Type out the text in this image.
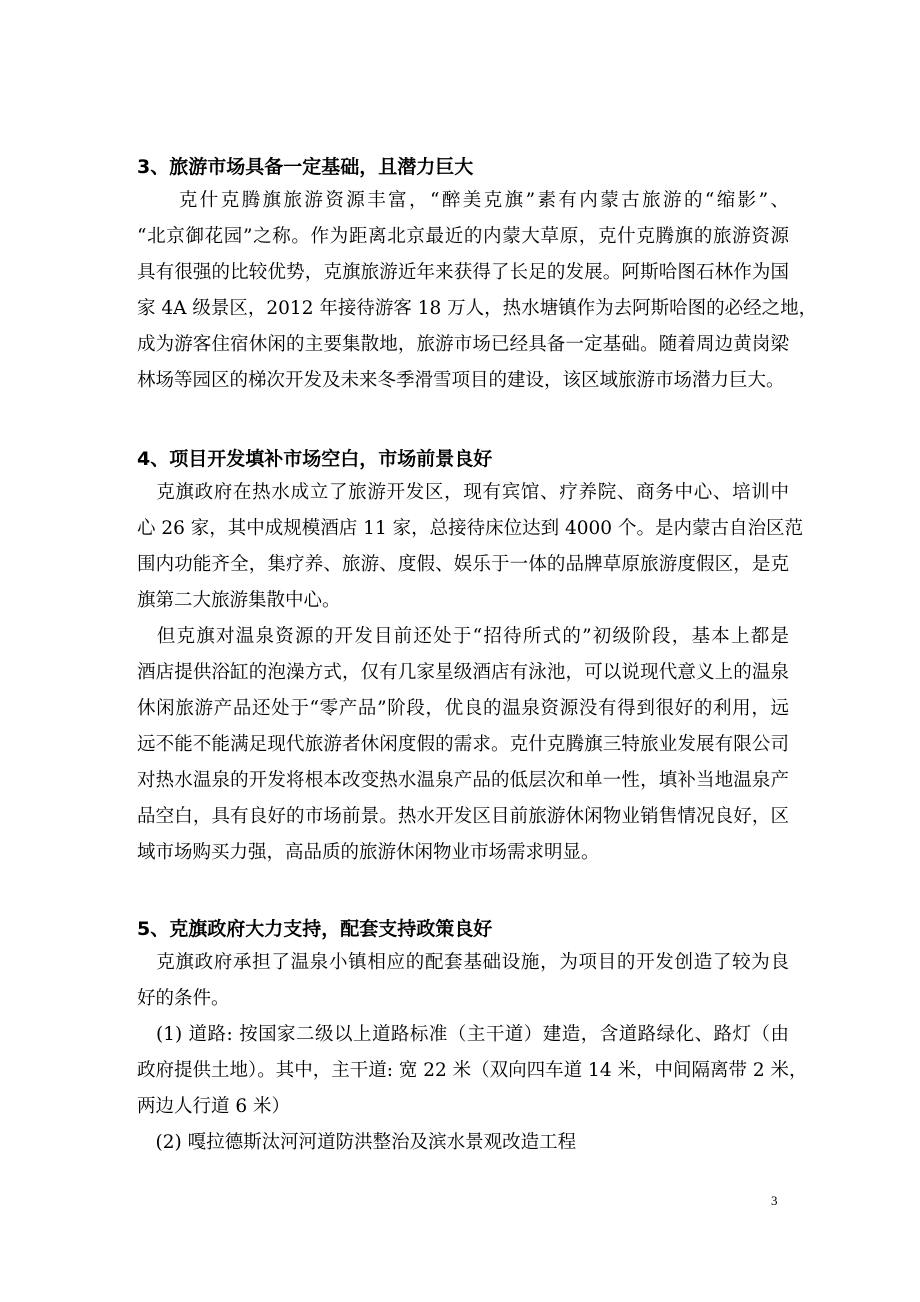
3、旅游市场具备一定基础，且潜力巨大
　　克什克腾旗旅游资源丰富，“醉美克旗”素有内蒙古旅游的“缩影”、
“北京御花园”之称。作为距离北京最近的内蒙大草原，克什克腾旗的旅游资源
具有很强的比较优势，克旗旅游近年来获得了长足的发展。阿斯哈图石林作为国
家 4A 级景区，2012 年接待游客 18 万人，热水塘镇作为去阿斯哈图的必经之地，
成为游客住宿休闲的主要集散地，旅游市场已经具备一定基础。随着周边黄岗梁
林场等园区的梯次开发及未来冬季滑雪项目的建设，该区域旅游市场潜力巨大。
4、项目开发填补市场空白，市场前景良好
　克旗政府在热水成立了旅游开发区，现有宾馆、疗养院、商务中心、培训中
心 26 家，其中成规模酒店 11 家，总接待床位达到 4000 个。是内蒙古自治区范
围内功能齐全，集疗养、旅游、度假、娱乐于一体的品牌草原旅游度假区，是克
旗第二大旅游集散中心。
　但克旗对温泉资源的开发目前还处于“招待所式的”初级阶段，基本上都是
酒店提供浴缸的泡澡方式，仅有几家星级酒店有泳池，可以说现代意义上的温泉
休闲旅游产品还处于“零产品”阶段，优良的温泉资源没有得到很好的利用，远
远不能不能满足现代旅游者休闲度假的需求。克什克腾旗三特旅业发展有限公司
对热水温泉的开发将根本改变热水温泉产品的低层次和单一性，填补当地温泉产
品空白，具有良好的市场前景。热水开发区目前旅游休闲物业销售情况良好，区
域市场购买力强，高品质的旅游休闲物业市场需求明显。
5、克旗政府大力支持，配套支持政策良好
　克旗政府承担了温泉小镇相应的配套基础设施，为项目的开发创造了较为良
好的条件。
　(1) 道路: 按国家二级以上道路标准（主干道）建造，含道路绿化、路灯（由
政府提供土地）。其中，主干道: 宽 22 米（双向四车道 14 米，中间隔离带 2 米，
两边人行道 6 米）
　(2) 嘎拉德斯汰河河道防洪整治及滨水景观改造工程
3
